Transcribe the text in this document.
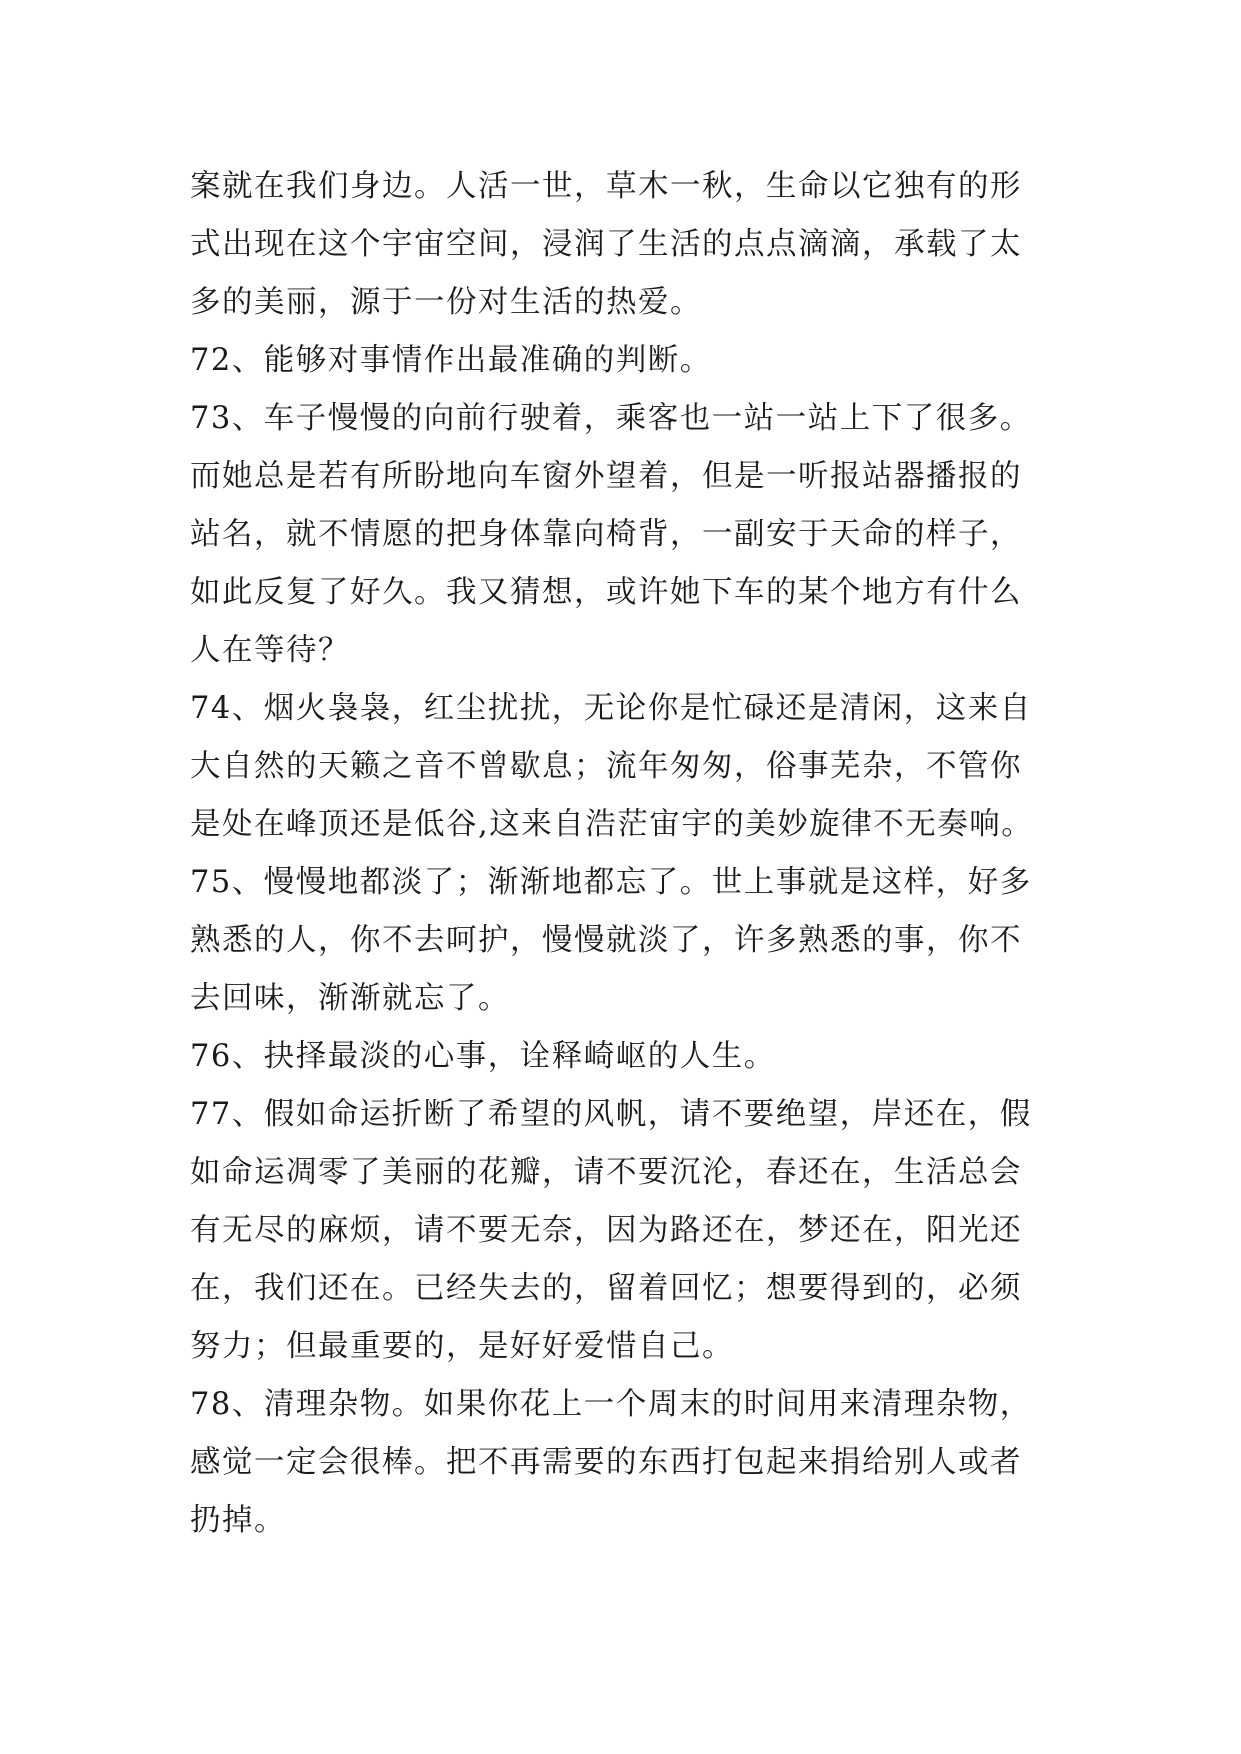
案就在我们身边。人活一世，草木一秋，生命以它独有的形
式出现在这个宇宙空间，浸润了生活的点点滴滴，承载了太
多的美丽，源于一份对生活的热爱。
72、能够对事情作出最准确的判断。
73、车子慢慢的向前行驶着，乘客也一站一站上下了很多。
而她总是若有所盼地向车窗外望着，但是一听报站器播报的
站名，就不情愿的把身体靠向椅背，一副安于天命的样子，
如此反复了好久。我又猜想，或许她下车的某个地方有什么
人在等待？
74、烟火袅袅，红尘扰扰，无论你是忙碌还是清闲，这来自
大自然的天籁之音不曾歇息；流年匆匆，俗事芜杂，不管你
是处在峰顶还是低谷,这来自浩茫宙宇的美妙旋律不无奏响。
75、慢慢地都淡了；渐渐地都忘了。世上事就是这样，好多
熟悉的人，你不去呵护，慢慢就淡了，许多熟悉的事，你不
去回味，渐渐就忘了。
76、抉择最淡的心事，诠释崎岖的人生。
77、假如命运折断了希望的风帆，请不要绝望，岸还在，假
如命运凋零了美丽的花瓣，请不要沉沦，春还在，生活总会
有无尽的麻烦，请不要无奈，因为路还在，梦还在，阳光还
在，我们还在。已经失去的，留着回忆；想要得到的，必须
努力；但最重要的，是好好爱惜自己。
78、清理杂物。如果你花上一个周末的时间用来清理杂物，
感觉一定会很棒。把不再需要的东西打包起来捐给别人或者
扔掉。
